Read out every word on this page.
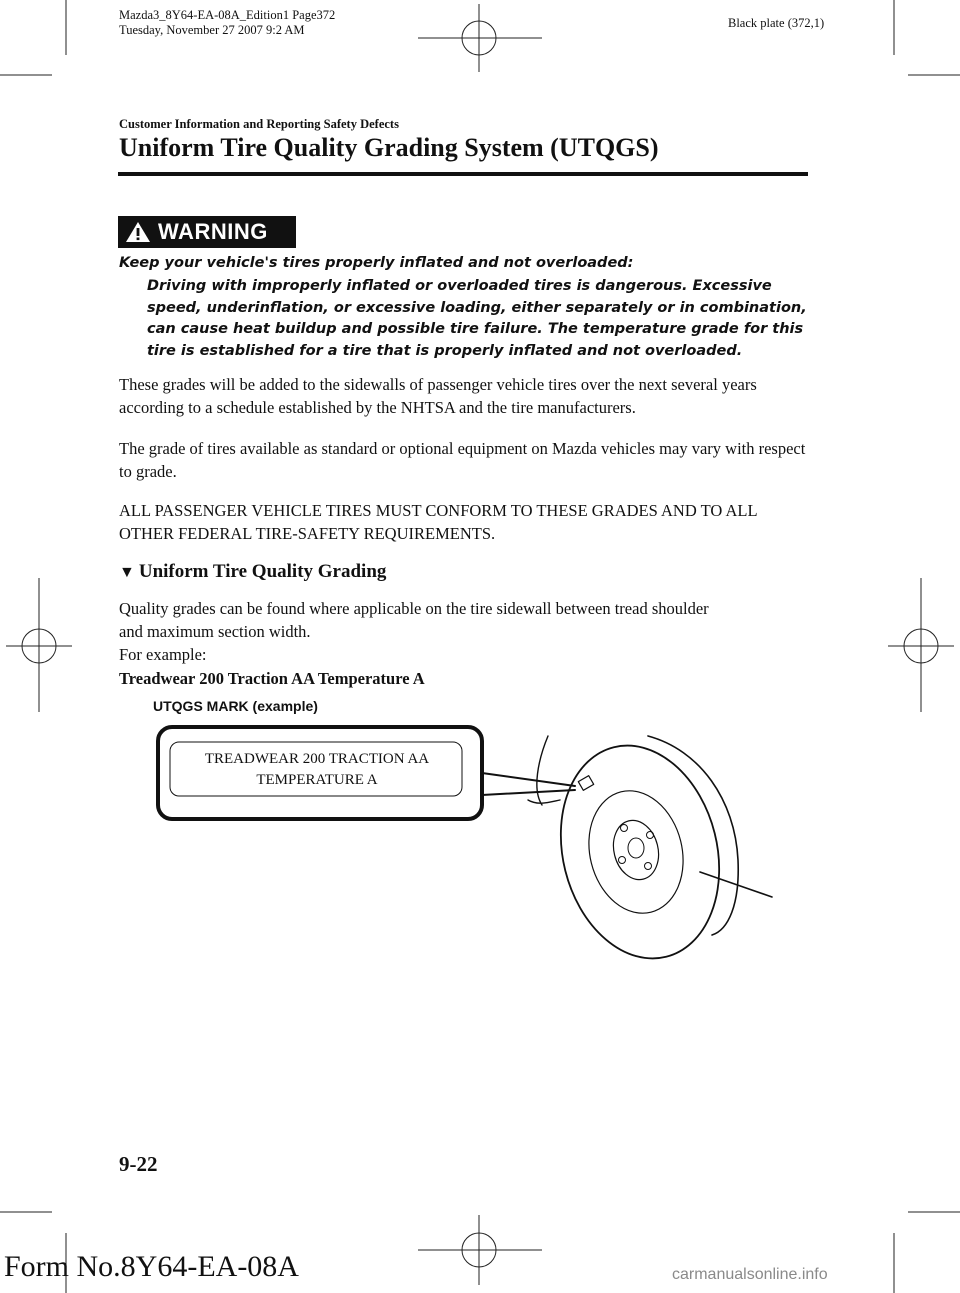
Mazda3_8Y64-EA-08A_Edition1 Page372
Tuesday, November 27 2007 9:2 AM	Black plate (372,1)
Customer Information and Reporting Safety Defects
Uniform Tire Quality Grading System (UTQGS)
WARNING
Keep your vehicle's tires properly inflated and not overloaded:
Driving with improperly inflated or overloaded tires is dangerous. Excessive speed, underinflation, or excessive loading, either separately or in combination, can cause heat buildup and possible tire failure. The temperature grade for this tire is established for a tire that is properly inflated and not overloaded.
These grades will be added to the sidewalls of passenger vehicle tires over the next several years according to a schedule established by the NHTSA and the tire manufacturers.
The grade of tires available as standard or optional equipment on Mazda vehicles may vary with respect to grade.
ALL PASSENGER VEHICLE TIRES MUST CONFORM TO THESE GRADES AND TO ALL OTHER FEDERAL TIRE-SAFETY REQUIREMENTS.
▼ Uniform Tire Quality Grading
Quality grades can be found where applicable on the tire sidewall between tread shoulder
and maximum section width.
For example:
Treadwear 200 Traction AA Temperature A
UTQGS MARK (example)
TREADWEAR 200 TRACTION AA
TEMPERATURE A
9-22
Form No.8Y64-EA-08A	carmanualsonline.info
